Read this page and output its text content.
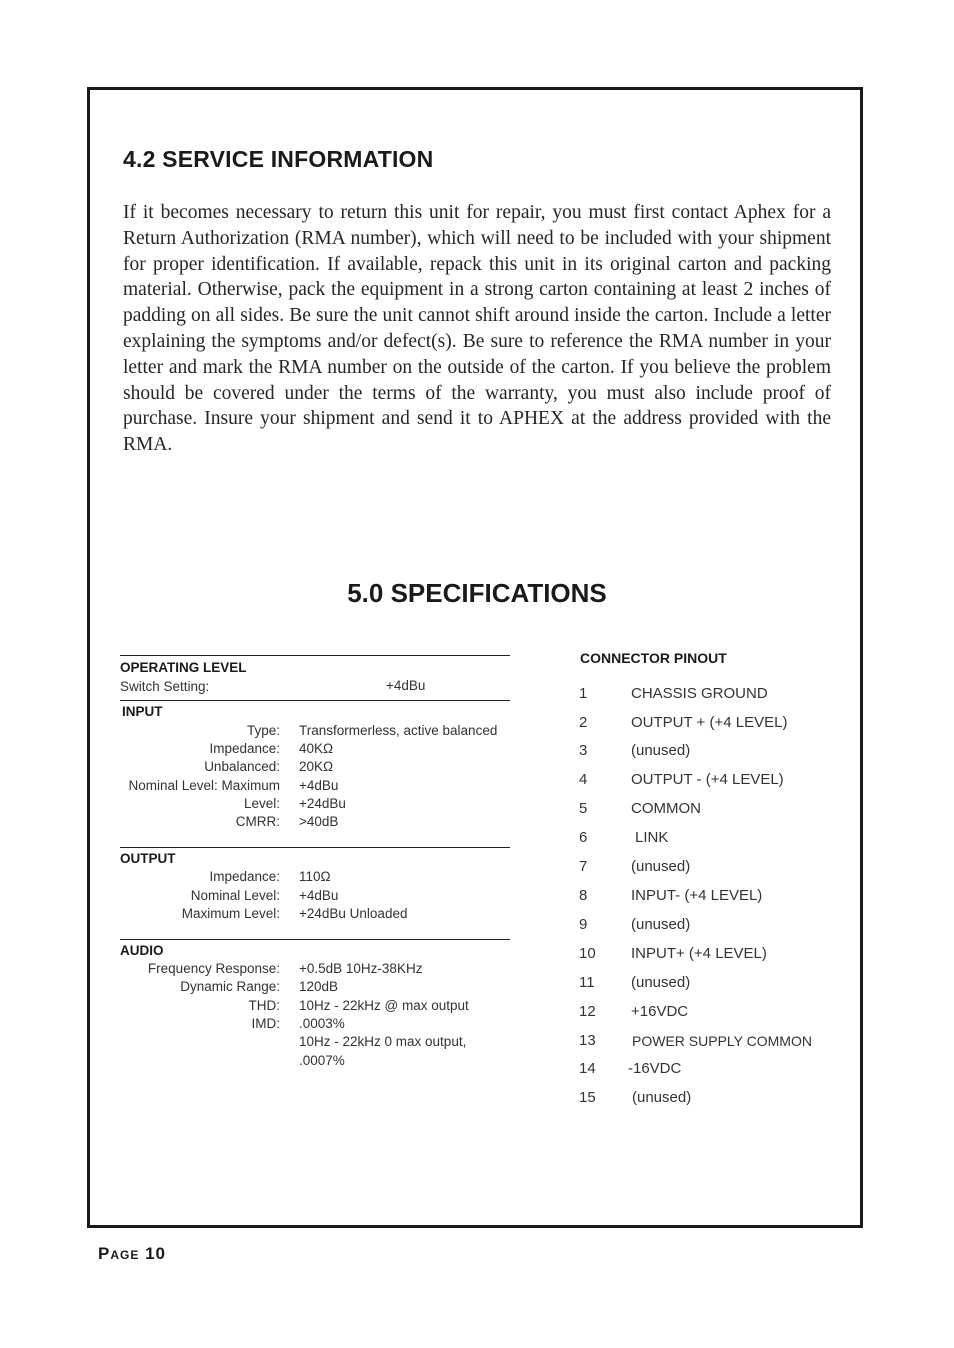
4.2 SERVICE INFORMATION

If it becomes necessary to return this unit for repair, you must first contact Aphex for a Return Authorization (RMA number), which will need to be included with your shipment for proper identification. If available, repack this unit in its original carton and packing material. Otherwise, pack the equipment in a strong carton containing at least 2 inches of padding on all sides. Be sure the unit cannot shift around inside the carton. Include a letter explaining the symptoms and/or defect(s). Be sure to reference the RMA number in your letter and mark the RMA number on the outside of the carton. If you believe the problem should be covered under the terms of the warranty, you must also include proof of purchase. Insure your shipment and send it to APHEX at the address provided with the RMA.

5.0 SPECIFICATIONS
OPERATING LEVEL
Switch Setting:	+4dBu
INPUT
Type: Transformerless, active balanced
Impedance: 40KΩ
Unbalanced: 20KΩ
Nominal Level: Maximum +4dBu
Level: +24dBu
CMRR: >40dB
OUTPUT
Impedance: 110Ω
Nominal Level: +4dBu
Maximum Level: +24dBu Unloaded
AUDIO
Frequency Response: +0.5dB 10Hz-38KHz
Dynamic Range: 120dB
THD: 10Hz - 22kHz @ max output
IMD: .0003%
10Hz - 22kHz 0 max output,
.0007%
CONNECTOR PINOUT
1	CHASSIS GROUND
2	OUTPUT + (+4 LEVEL)
3	(unused)
4	OUTPUT - (+4 LEVEL)
5	COMMON
6	LINK
7	(unused)
8	INPUT- (+4 LEVEL)
9	(unused)
10 INPUT+ (+4 LEVEL)
11 (unused)
12 +16VDC
13	POWER SUPPLY COMMON
14 -16VDC
15 (unused)
Page 10
